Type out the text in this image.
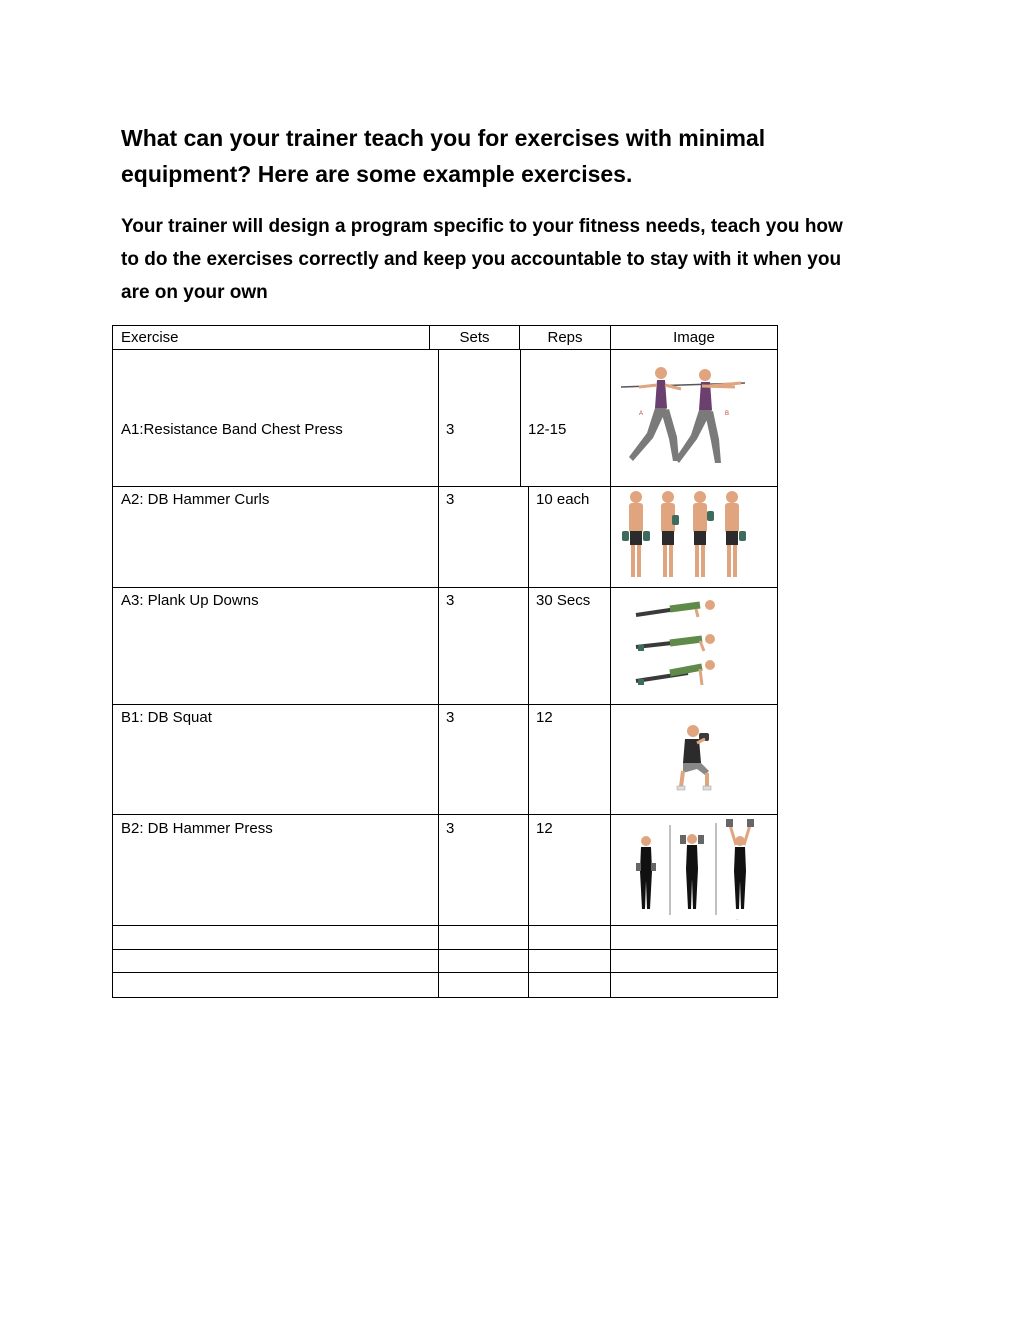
What can your trainer teach you for exercises with minimal
equipment? Here are some example exercises.
Your trainer will design a program specific to your fitness needs, teach you how
to do the exercises correctly and keep you accountable to stay with it when you
are on your own
Exercise	Sets	Reps	Image
A1:Resistance Band Chest Press	3	12-15
A	B
A2: DB Hammer Curls	3	10 each
A3: Plank Up Downs	3	30 Secs
B1: DB Squat	3	12
B2: DB Hammer Press	3	12
~
